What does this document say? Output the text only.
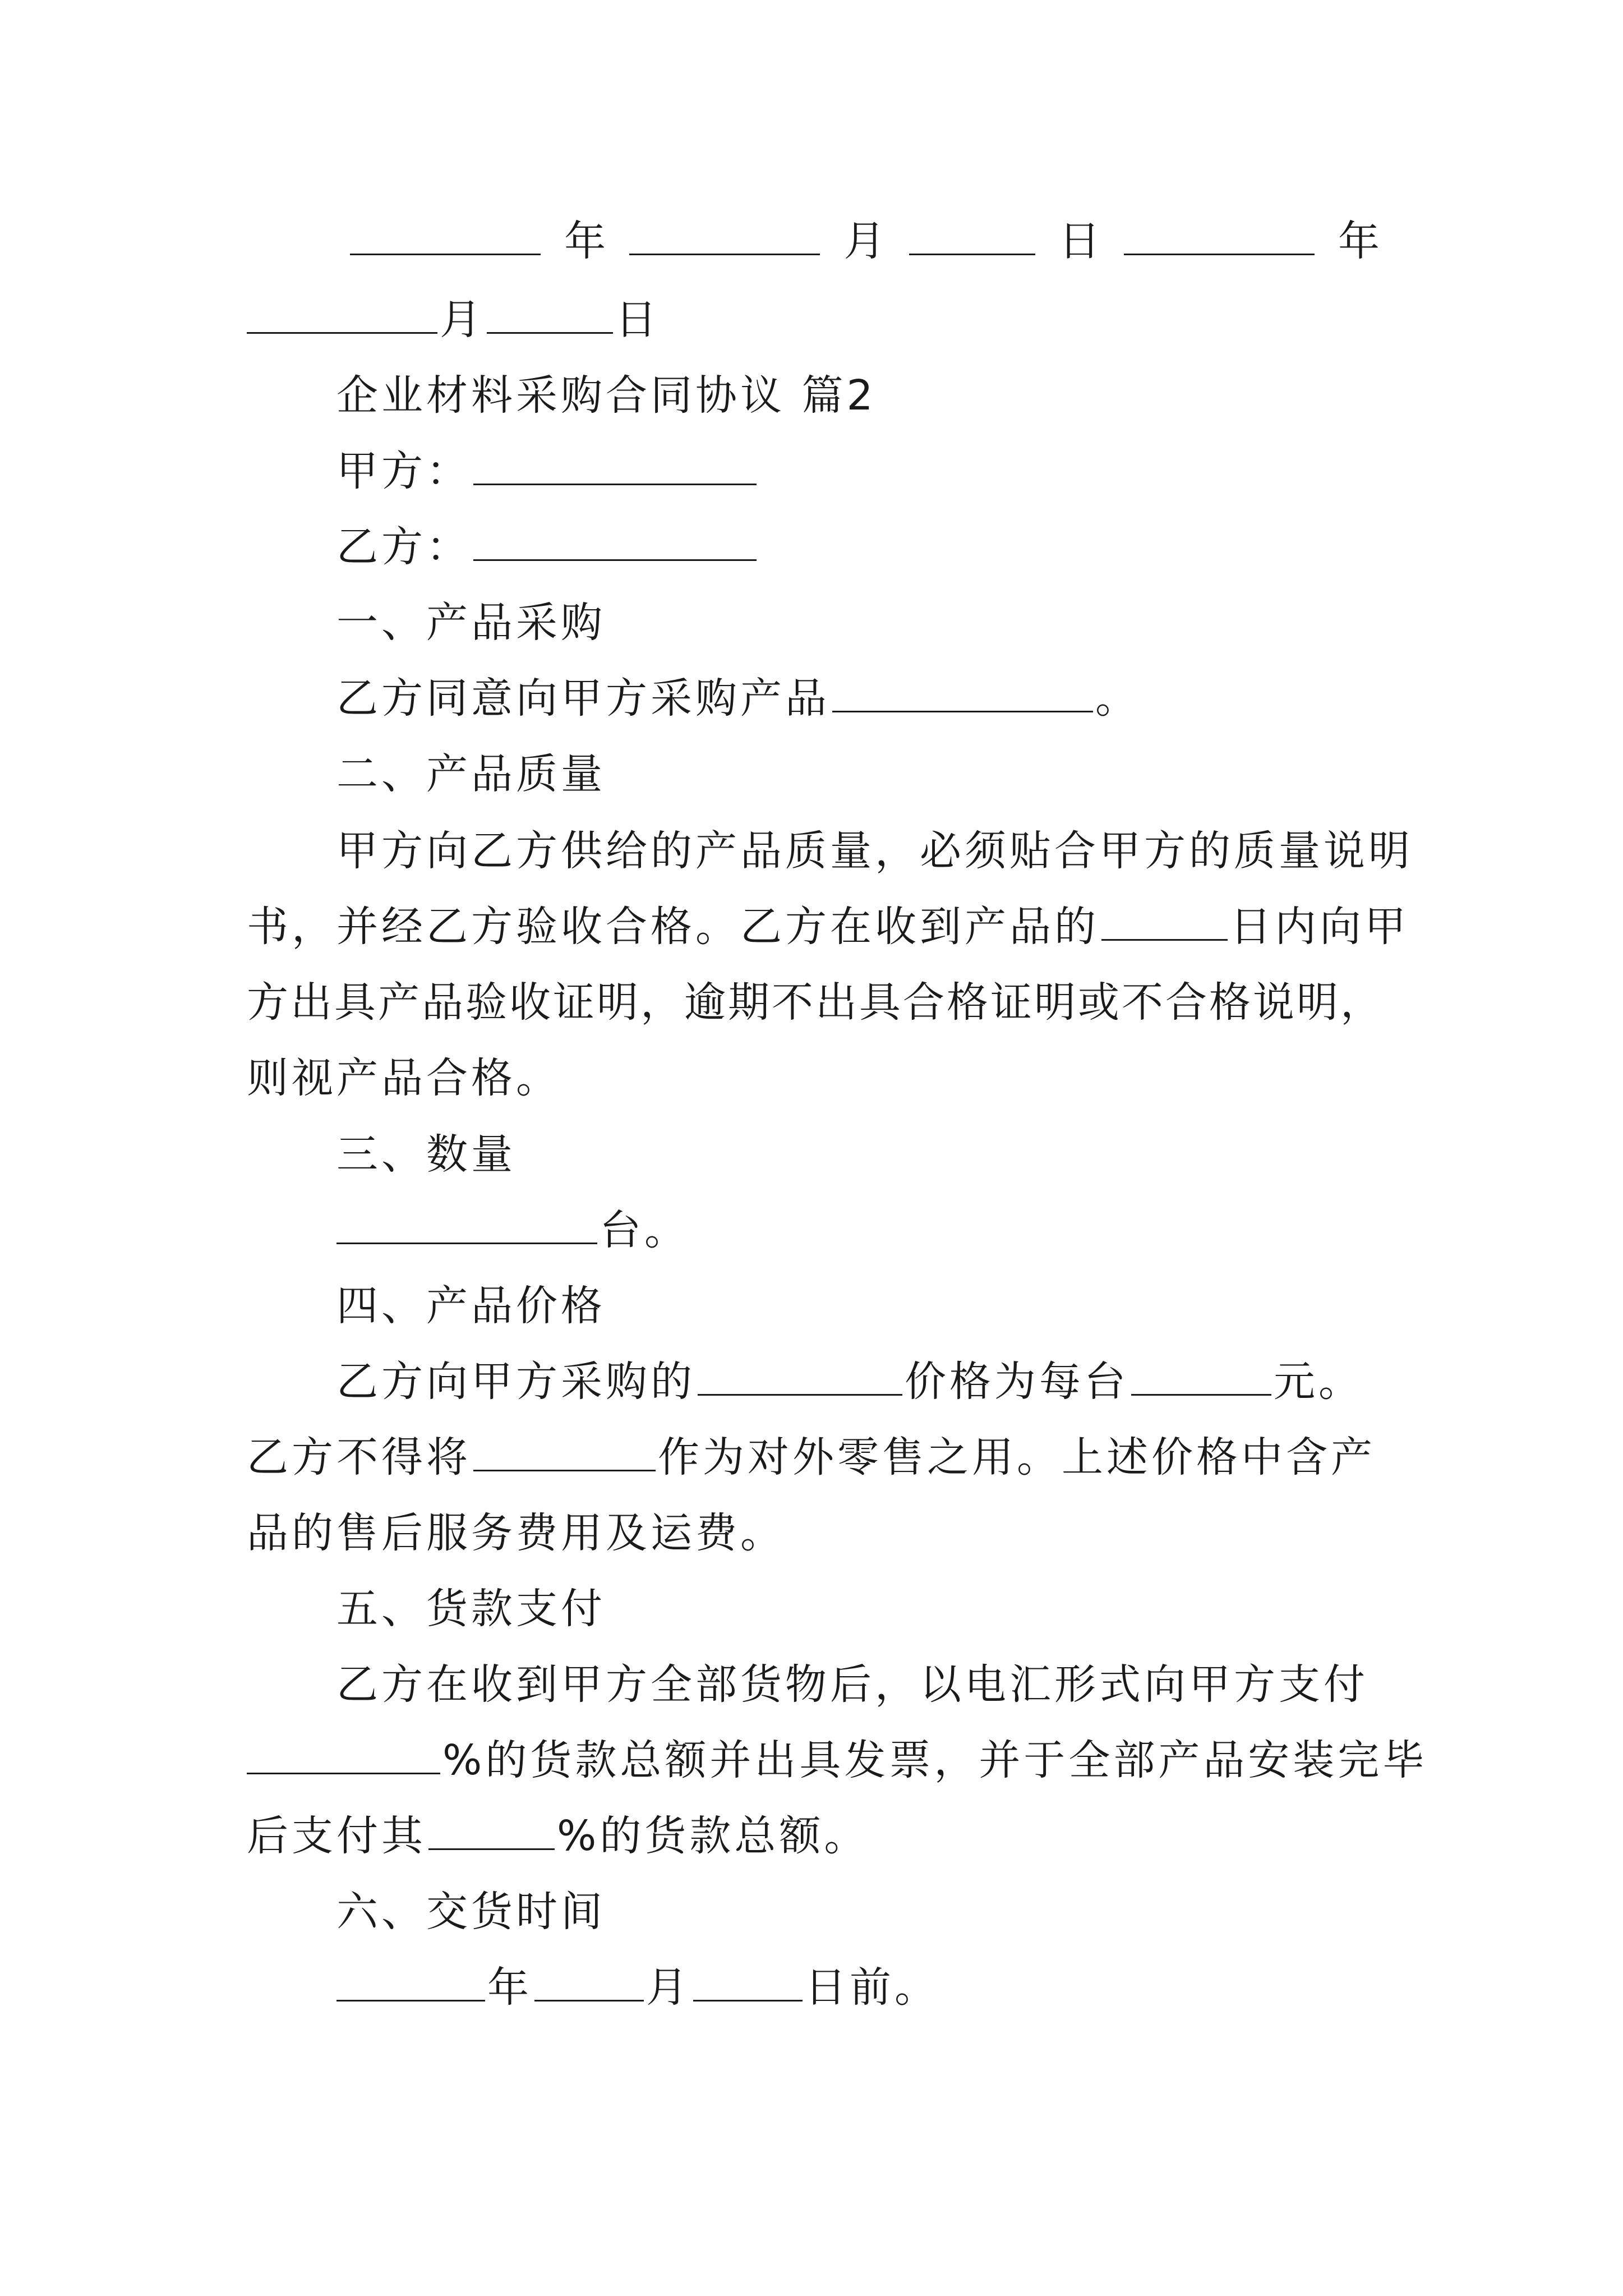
年	月	日	年
月	日
企业材料采购合同协议 篇2
甲方：
乙方：
一、产品采购
乙方同意向甲方采购产品	。
二、产品质量
甲方向乙方供给的产品质量，必须贴合甲方的质量说明
书，并经乙方验收合格。乙方在收到产品的	日内向甲
方出具产品验收证明，逾期不出具合格证明或不合格说明，
则视产品合格。
三、数量
台。
四、产品价格
乙方向甲方采购的	价格为每台	元。
乙方不得将	作为对外零售之用。上述价格中含产
品的售后服务费用及运费。
五、货款支付
乙方在收到甲方全部货物后，以电汇形式向甲方支付
%的货款总额并出具发票，并于全部产品安装完毕
后支付其	%的货款总额。
六、交货时间
年	月	日前。
